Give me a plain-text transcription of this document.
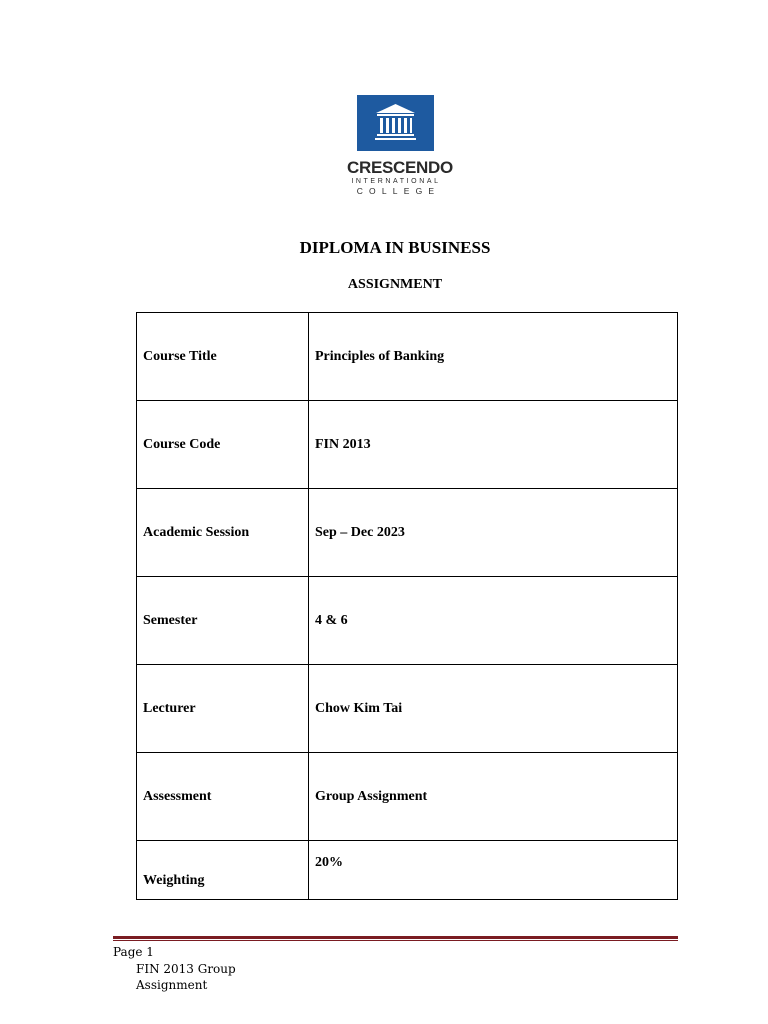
CRESCENDO
INTERNATIONAL
COLLEGE
DIPLOMA IN BUSINESS
ASSIGNMENT
Course Title	Principles of Banking
Course Code	FIN 2013
Academic Session	Sep – Dec 2023
Semester	4 & 6
Lecturer	Chow Kim Tai
Assessment	Group Assignment
Weighting	20%
Page 1
FIN 2013 Group Assignment
